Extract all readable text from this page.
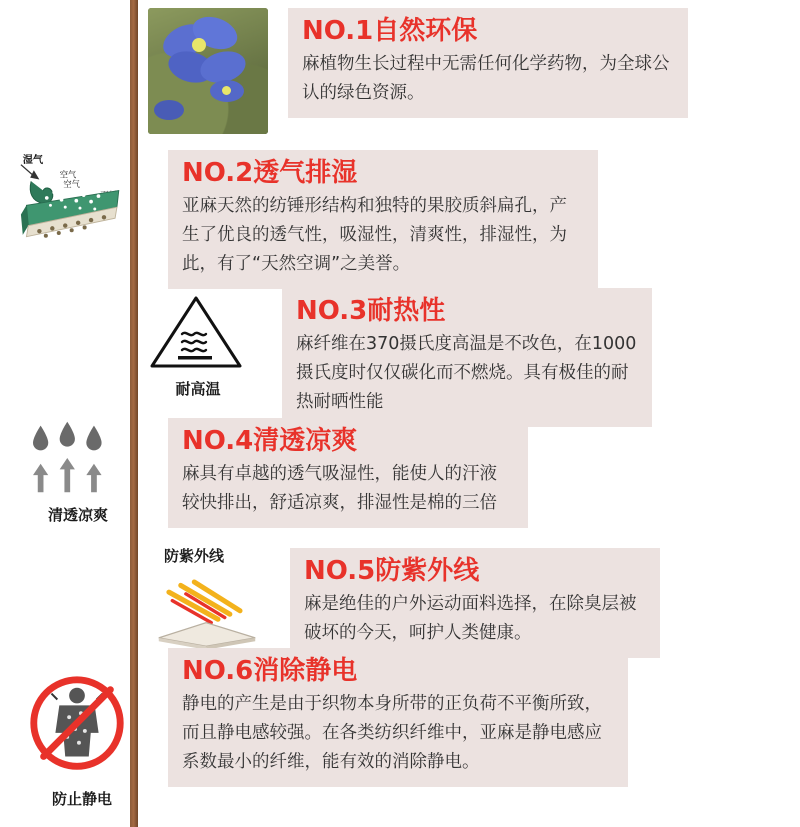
NO.1自然环保

麻植物生长过程中无需任何化学药物，为全球公认的绿色资源。

湿气
空气
空气	NO.2透气排湿

亚麻天然的纺锤形结构和独特的果胶质斜扁孔，产生了优良的透气性，吸湿性，清爽性，排湿性，为此，有了“天然空调”之美誉。

耐高温

NO.3耐热性

麻纤维在370摄氏度高温是不改色，在1000摄氏度时仅仅碳化而不燃烧。具有极佳的耐热耐晒性能

清透凉爽

NO.4清透凉爽

麻具有卓越的透气吸湿性，能使人的汗液较快排出，舒适凉爽，排湿性是棉的三倍

防紫外线	NO.5防紫外线

麻是绝佳的户外运动面料选择，在除臭层被破坏的今天，呵护人类健康。

防止静电

NO.6消除静电

静电的产生是由于织物本身所带的正负荷不平衡所致，而且静电感较强。在各类纺织纤维中，亚麻是静电感应系数最小的纤维，能有效的消除静电。
